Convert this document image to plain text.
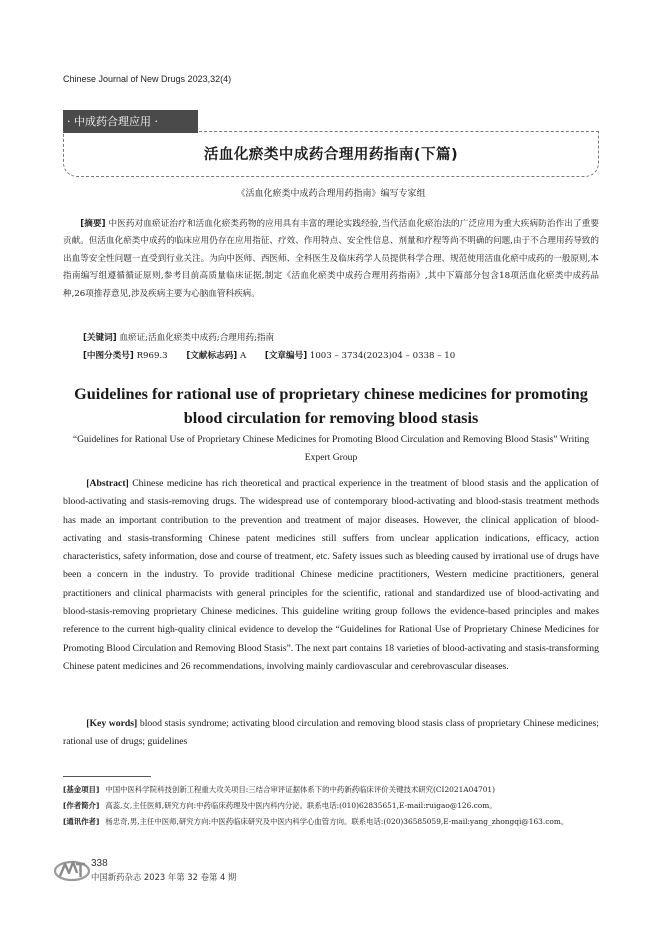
Chinese Journal of New Drugs 2023,32(4)
· 中成药合理应用 ·
活血化瘀类中成药合理用药指南(下篇)
《活血化瘀类中成药合理用药指南》编写专家组
[摘要] 中医药对血瘀证治疗和活血化瘀类药物的应用具有丰富的理论实践经验,当代活血化瘀治法的广泛应用为重大疾病防治作出了重要贡献。但活血化瘀类中成药的临床应用仍存在应用指征、疗效、作用特点、安全性信息、剂量和疗程等尚不明确的问题,由于不合理用药导致的出血等安全性问题一直受到行业关注。为向中医师、西医师、全科医生及临床药学人员提供科学合理、规范使用活血化瘀中成药的一般原则,本指南编写组遵循循证原则,参考目前高质量临床证据,制定《活血化瘀类中成药合理用药指南》,其中下篇部分包含18项活血化瘀类中成药品种,26项推荐意见,涉及疾病主要为心脑血管科疾病。
[关键词] 血瘀证;活血化瘀类中成药;合理用药;指南
[中图分类号] R969.3 [文献标志码] A [文章编号] 1003 – 3734(2023)04 – 0338 – 10
Guidelines for rational use of proprietary chinese medicines for promoting blood circulation for removing blood stasis
“Guidelines for Rational Use of Proprietary Chinese Medicines for Promoting Blood Circulation and Removing Blood Stasis” Writing Expert Group
[Abstract] Chinese medicine has rich theoretical and practical experience in the treatment of blood stasis and the application of blood-activating and stasis-removing drugs. The widespread use of contemporary blood-activating and blood-stasis treatment methods has made an important contribution to the prevention and treatment of major diseases. However, the clinical application of blood-activating and stasis-transforming Chinese patent medicines still suffers from unclear application indications, efficacy, action characteristics, safety information, dose and course of treatment, etc. Safety issues such as bleeding caused by irrational use of drugs have been a concern in the industry. To provide traditional Chinese medicine practitioners, Western medicine practitioners, general practitioners and clinical pharmacists with general principles for the scientific, rational and standardized use of blood-activating and blood-stasis-removing proprietary Chinese medicines. This guideline writing group follows the evidence-based principles and makes reference to the current high-quality clinical evidence to develop the “Guidelines for Rational Use of Proprietary Chinese Medicines for Promoting Blood Circulation and Removing Blood Stasis”. The next part contains 18 varieties of blood-activating and stasis-transforming Chinese patent medicines and 26 recommendations, involving mainly cardiovascular and cerebrovascular diseases.
[Key words] blood stasis syndrome; activating blood circulation and removing blood stasis class of proprietary Chinese medicines; rational use of drugs; guidelines
[基金项目] 中国中医科学院科技创新工程重大攻关项目:三结合审评证据体系下的中药新药临床评价关键技术研究(CI2021A04701)
[作者简介] 高蕊,女,主任医师,研究方向:中药临床药理及中医内科内分泌。联系电话:(010)62835651,E-mail:ruigao@126.com。
[通讯作者] 杨忠奇,男,主任中医师,研究方向:中医药临床研究及中医内科学心血管方向。联系电话:(020)36585059,E-mail:yang_zhongqi@163.com。
338
中国新药杂志 2023 年第 32 卷第 4 期
